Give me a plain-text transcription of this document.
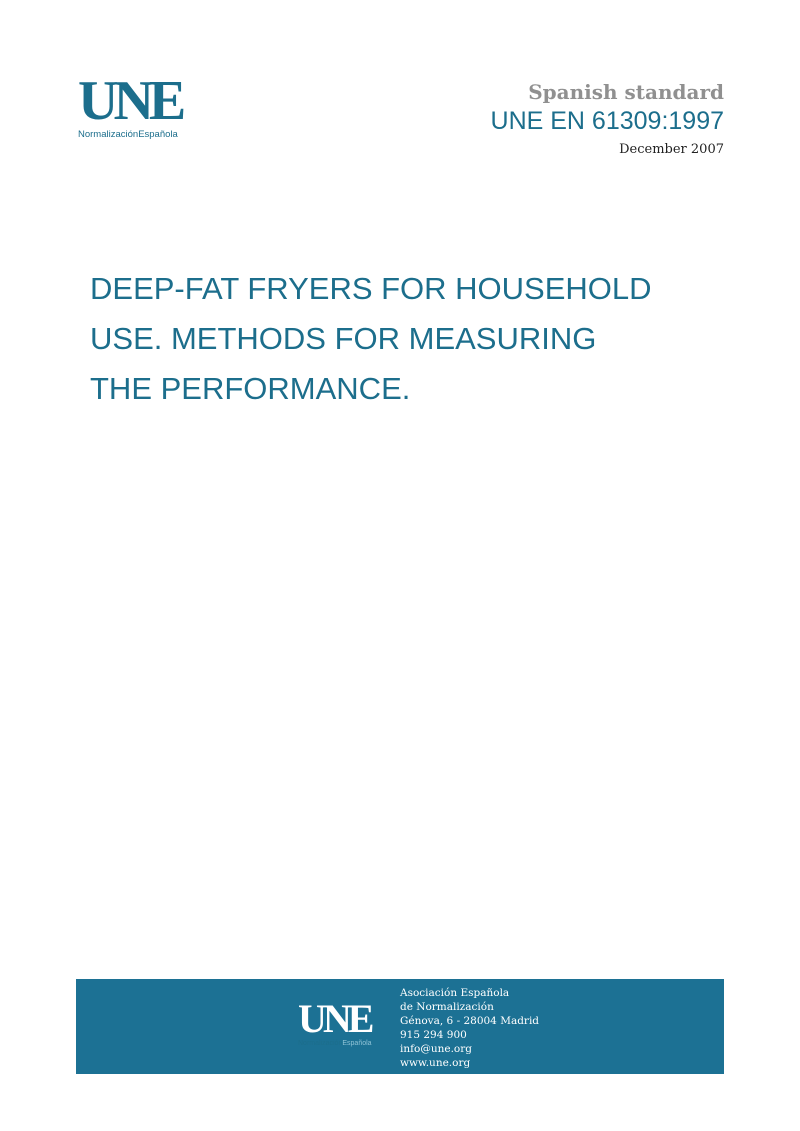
UNE
NormalizaciónEspañola
Spanish standard
UNE EN 61309:1997
December 2007
DEEP-FAT FRYERS FOR HOUSEHOLD
USE. METHODS FOR MEASURING
THE PERFORMANCE.
UNE
NormalizaciónEspañola
Asociación Española
de Normalización
Génova, 6 - 28004 Madrid
915 294 900
info@une.org
www.une.org
